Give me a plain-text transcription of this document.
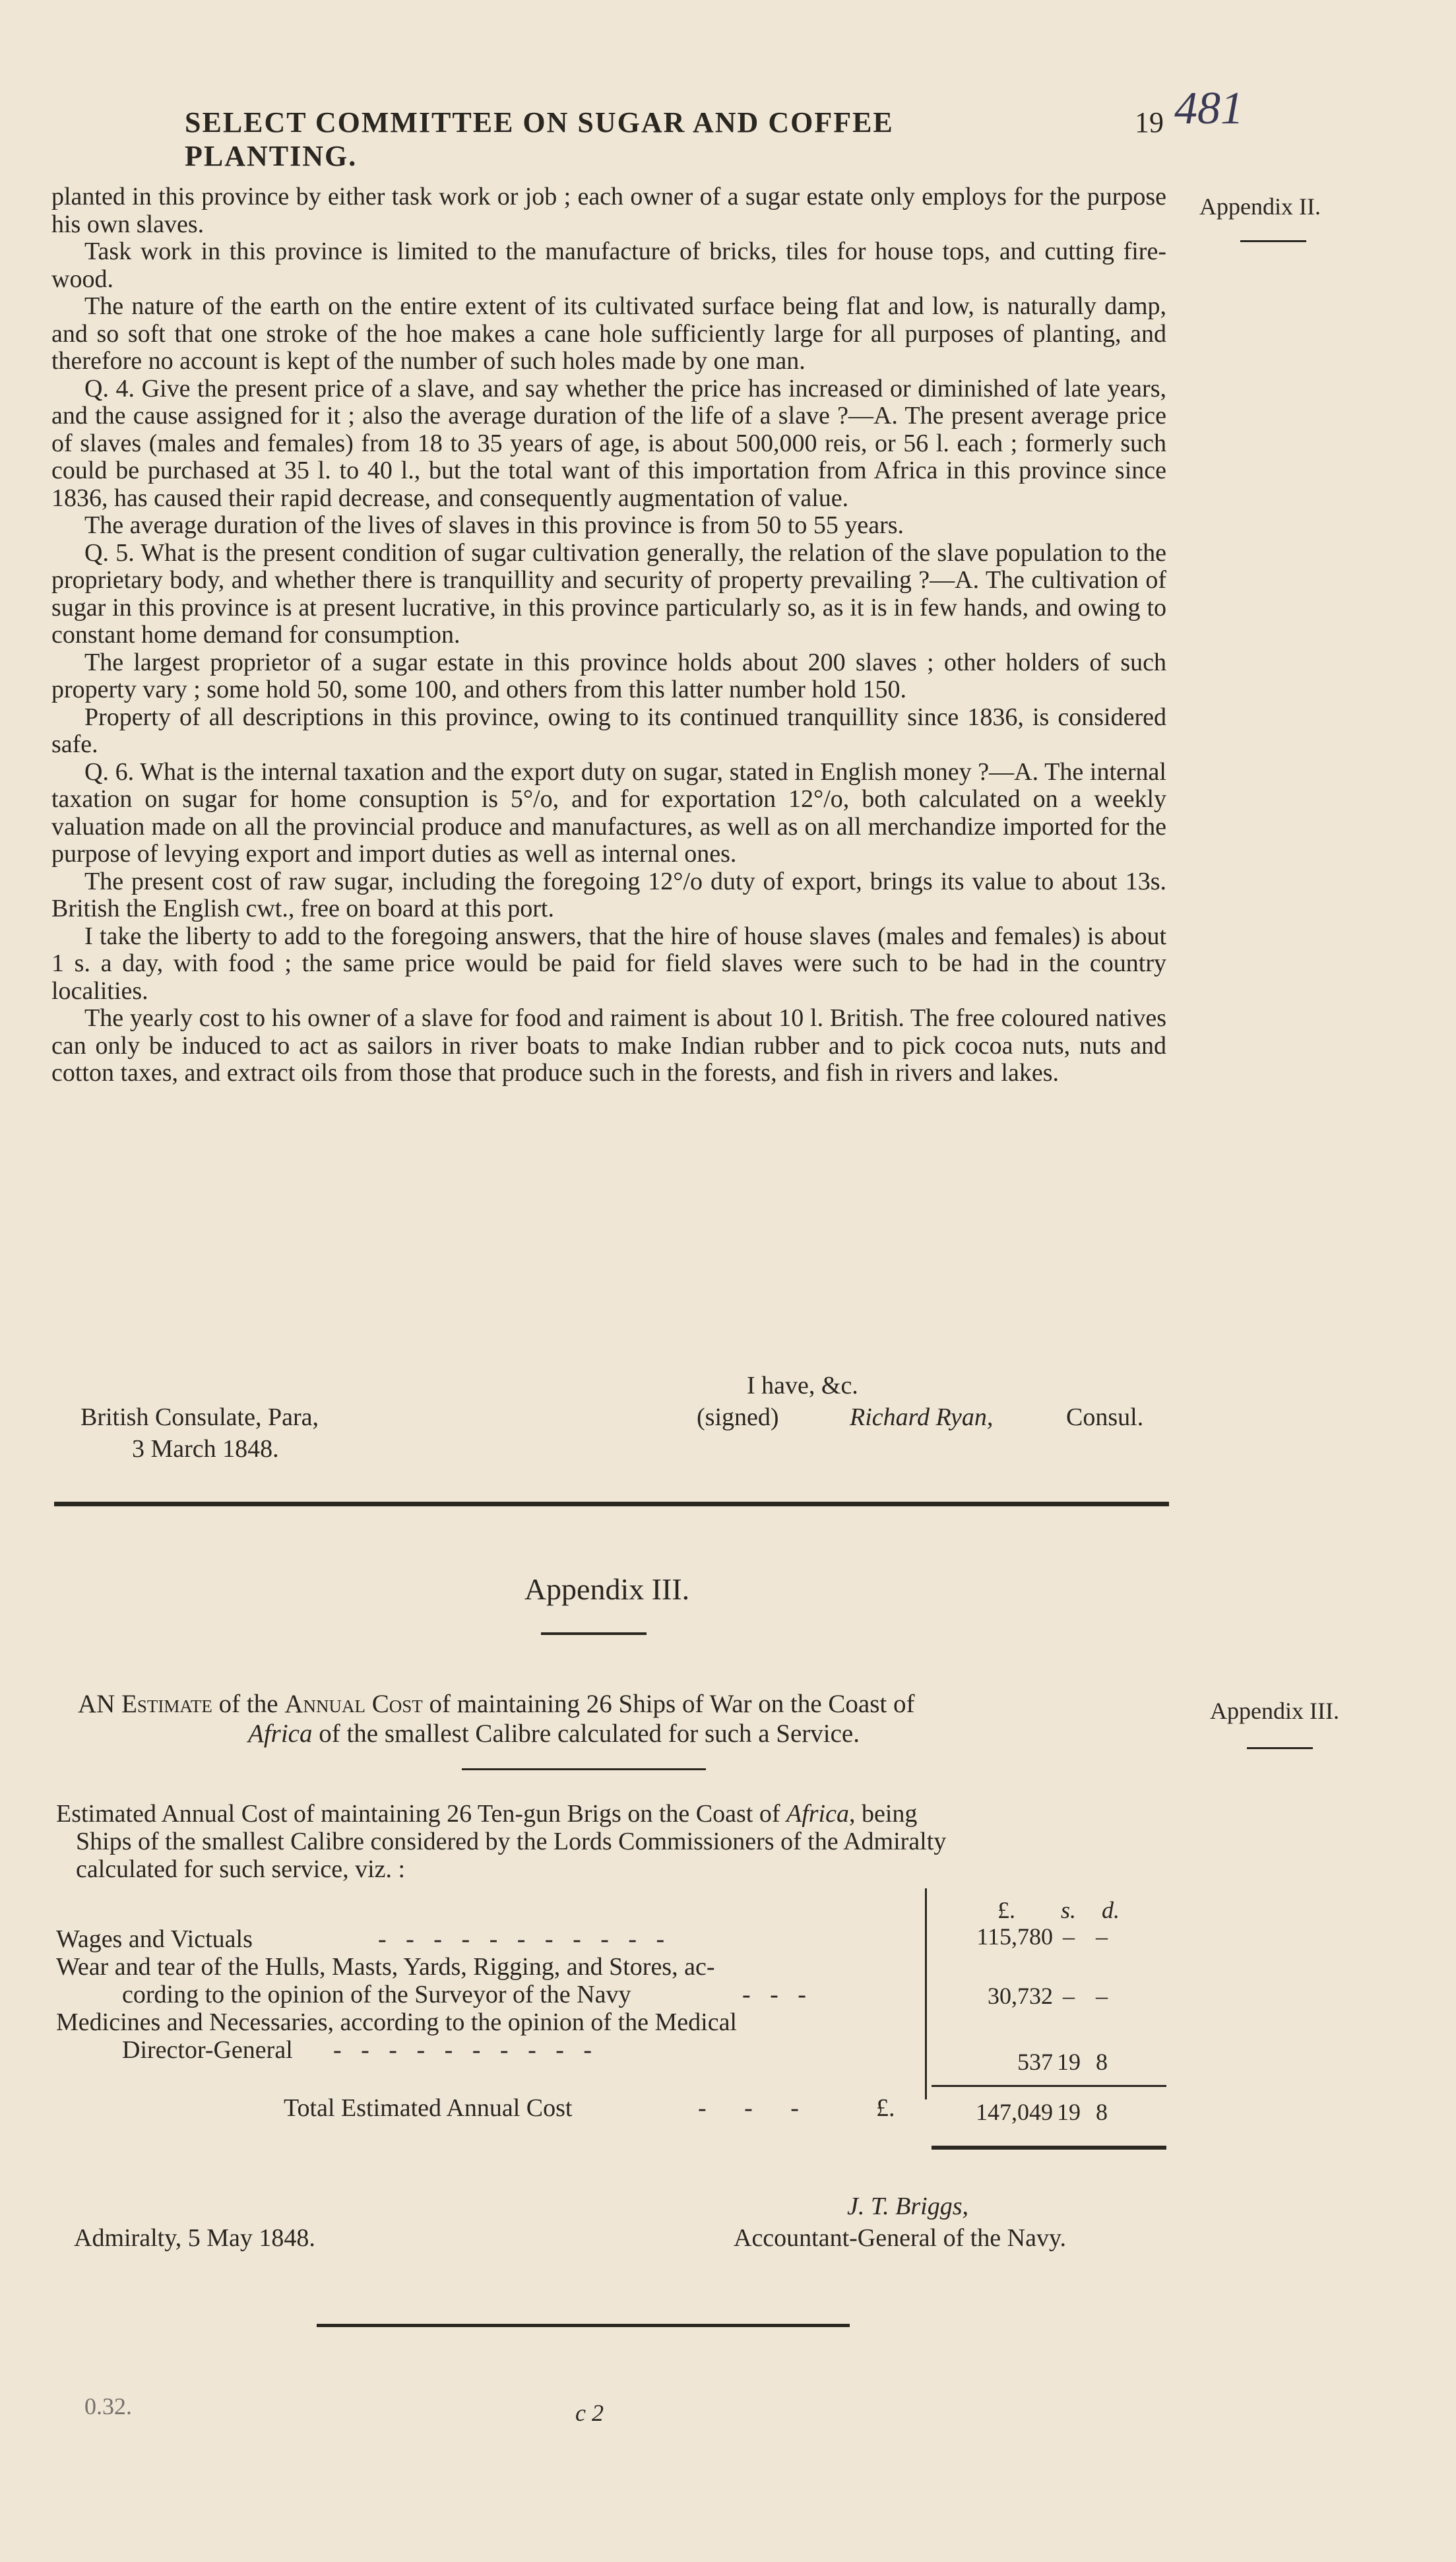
SELECT COMMITTEE ON SUGAR AND COFFEE PLANTING.
19 481
Appendix II.

planted in this province by either task work or job ; each owner of a sugar estate only employs for the purpose his own slaves.

Task work in this province is limited to the manufacture of bricks, tiles for house tops, and cutting fire-wood.

The nature of the earth on the entire extent of its cultivated surface being flat and low, is naturally damp, and so soft that one stroke of the hoe makes a cane hole sufficiently large for all purposes of planting, and therefore no account is kept of the number of such holes made by one man.

Q. 4. Give the present price of a slave, and say whether the price has increased or diminished of late years, and the cause assigned for it ; also the average duration of the life of a slave ?—A. The present average price of slaves (males and females) from 18 to 35 years of age, is about 500,000 reis, or 56 l. each ; formerly such could be purchased at 35 l. to 40 l., but the total want of this importation from Africa in this province since 1836, has caused their rapid decrease, and consequently augmentation of value.

The average duration of the lives of slaves in this province is from 50 to 55 years.

Q. 5. What is the present condition of sugar cultivation generally, the relation of the slave population to the proprietary body, and whether there is tranquillity and security of property prevailing ?—A. The cultivation of sugar in this province is at present lucrative, in this province particularly so, as it is in few hands, and owing to constant home demand for consumption.

The largest proprietor of a sugar estate in this province holds about 200 slaves ; other holders of such property vary ; some hold 50, some 100, and others from this latter number hold 150.

Property of all descriptions in this province, owing to its continued tranquillity since 1836, is considered safe.

Q. 6. What is the internal taxation and the export duty on sugar, stated in English money ?—A. The internal taxation on sugar for home consuption is 5°/o, and for exportation 12°/o, both calculated on a weekly valuation made on all the provincial produce and manufactures, as well as on all merchandize imported for the purpose of levying export and import duties as well as internal ones.

The present cost of raw sugar, including the foregoing 12°/o duty of export, brings its value to about 13s. British the English cwt., free on board at this port.

I take the liberty to add to the foregoing answers, that the hire of house slaves (males and females) is about 1 s. a day, with food ; the same price would be paid for field slaves were such to be had in the country localities.

The yearly cost to his owner of a slave for food and raiment is about 10 l. British. The free coloured natives can only be induced to act as sailors in river boats to make Indian rubber and to pick cocoa nuts, nuts and cotton taxes, and extract oils from those that produce such in the forests, and fish in rivers and lakes.

I have, &c.
British Consulate, Para,	(signed)	Richard Ryan,	Consul.
3 March 1848.
Appendix III.

AN Estimate of the Annual Cost of maintaining 26 Ships of War on the Coast of

Africa of the smallest Calibre calculated for such a Service.

Appendix III.

Estimated Annual Cost of maintaining 26 Ten-gun Brigs on the Coast of Africa, being

Ships of the smallest Calibre considered by the Lords Commissioners of the Admiralty

calculated for such service, viz. :

£. s. d.
Wages and Victuals	- - - - - - - - - - -	115,780 – –
Wear and tear of the Hulls, Masts, Yards, Rigging, and Stores, ac-
cording to the opinion of the Surveyor of the Navy	- - -	30,732 – –
Medicines and Necessaries, according to the opinion of the Medical
Director-General - - - - - - - - - -	537 19 8
Total Estimated Annual Cost	- - - £.	147,049 19 8
J. T. Briggs,
Admiralty, 5 May 1848.	Accountant-General of the Navy.
0.32.	c 2
